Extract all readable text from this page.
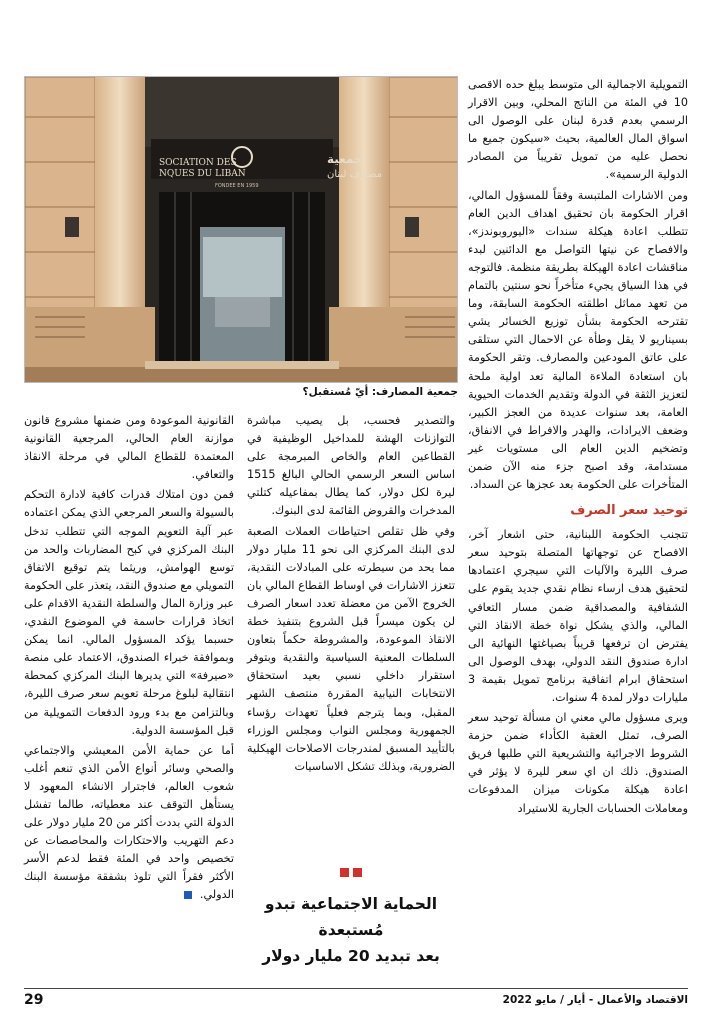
التمويلية الاجمالية الى متوسط يبلغ حده الاقصى 10 في المئة من الناتج المحلي، وبين الاقرار الرسمي بعدم قدرة لبنان على الوصول الى اسواق المال العالمية، بحيث «سيكون جميع ما نحصل عليه من تمويل تقريباً من المصادر الدولية الرسمية».

ومن الاشارات الملتبسة وفقاً للمسؤول المالي، اقرار الحكومة بان تحقيق اهداف الدين العام تتطلب اعادة هيكلة سندات «اليوروبوندز»، والافصاح عن نيتها التواصل مع الدائنين لبدء مناقشات اعادة الهيكلة بطريقة منظمة. فالتوجه في هذا السياق يجيء متأخراً نحو سنتين بالتمام من تعهد مماثل اطلقته الحكومة السابقة، وما تقترحه الحكومة بشأن توزيع الخسائر يشي بسيناريو لا يقل وطأة عن الاحمال التي ستلقى على عاتق المودعين والمصارف. وتقر الحكومة بان استعادة الملاءة المالية تعد اولية ملحة لتعزيز الثقة في الدولة وتقديم الخدمات الحيوية العامة، بعد سنوات عديدة من العجز الكبير، وضعف الايرادات، والهدر والافراط في الانفاق، وتضخيم الدين العام الى مستويات غير مستدامة، وقد اصبح جزء منه الآن ضمن المتأخرات على الحكومة بعد عجزها عن السداد.

توحيد سعر الصرف

تتجنب الحكومة اللبنانية، حتى اشعار آخر، الافصاح عن توجهاتها المتصلة بتوحيد سعر صرف الليرة والآليات التي سيجري اعتمادها لتحقيق هدف ارساء نظام نقدي جديد يقوم على الشفافية والمصداقية ضمن مسار التعافي المالي، والذي يشكل نواة خطة الانقاذ التي يفترض ان ترفعها قريباً بصياغتها النهائية الى ادارة صندوق النقد الدولي، بهدف الوصول الى استحقاق ابرام اتفاقية برنامج تمويل بقيمة 3 مليارات دولار لمدة 4 سنوات.

ويرى مسؤول مالي معني ان مسألة توحيد سعر الصرف، تمثل العقبة الكأداء ضمن حزمة الشروط الاجرائية والتشريعية التي طلبها فريق الصندوق. ذلك ان اي سعر لليرة لا يؤثر في اعادة هيكلة مكونات ميزان المدفوعات ومعاملات الحسابات الجارية للاستيراد

SOCIATION DES
NQUES DU LIBAN
FONDEE EN 1959
جمعية
مصارف لبنان
جمعية المصارف: أيّ مُستقبل؟

والتصدير فحسب، بل يصيب مباشرة التوازنات الهشة للمداخيل الوظيفية في القطاعين العام والخاص المبرمجة على اساس السعر الرسمي الحالي البالغ 1515 ليرة لكل دولار، كما يطال بمفاعيله كتلتي المدخرات والقروض القائمة لدى البنوك.

وفي ظل تقلص احتياطات العملات الصعبة لدى البنك المركزي الى نحو 11 مليار دولار مما يحد من سيطرته على المبادلات النقدية، تتعزز الاشارات في اوساط القطاع المالي بان الخروج الآمن من معضلة تعدد اسعار الصرف لن يكون ميسراً قبل الشروع بتنفيذ خطة الانقاذ الموعودة، والمشروطة حكماً بتعاون السلطات المعنية السياسية والنقدية وبتوفر استقرار داخلي نسبي بعيد استحقاق الانتخابات النيابية المقررة منتصف الشهر المقبل، وبما يترجم فعلياً تعهدات رؤساء الجمهورية ومجلس النواب ومجلس الوزراء بالتأييد المسبق لمندرجات الاصلاحات الهيكلية الضرورية، وبذلك تشكل الاساسيات

الحماية الاجتماعية تبدو مُستبعدة
بعد تبديد 20 مليار دولار

القانونية الموعودة ومن ضمنها مشروع قانون موازنة العام الحالي، المرجعية القانونية المعتمدة للقطاع المالي في مرحلة الانقاذ والتعافي.

فمن دون امتلاك قدرات كافية لادارة التحكم بالسيولة والسعر المرجعي الذي يمكن اعتماده عبر آلية التعويم الموجه التي تتطلب تدخل البنك المركزي في كبح المضاربات والحد من توسع الهوامش، وريثما يتم توقيع الاتفاق التمويلي مع صندوق النقد، يتعذر على الحكومة عبر وزارة المال والسلطة النقدية الاقدام على اتخاذ قرارات حاسمة في الموضوع النقدي، حسبما يؤكد المسؤول المالي. انما يمكن وبموافقة خبراء الصندوق، الاعتماد على منصة «صيرفة» التي يديرها البنك المركزي كمحطة انتقالية لبلوغ مرحلة تعويم سعر صرف الليرة، وبالتزامن مع بدء ورود الدفعات التمويلية من قبل المؤسسة الدولية.

أما عن حماية الأمن المعيشي والاجتماعي والصحي وسائر أنواع الأمن الذي تنعم أغلب شعوب العالم، فاجترار الانشاء المعهود لا يستأهل التوقف عند معطياته، طالما تفشل الدولة التي بددت أكثر من 20 مليار دولار على دعم التهريب والاحتكارات والمحاصصات عن تخصيص واحد في المئة فقط لدعم الأسر الأكثر فقراً التي تلوذ بشفقة مؤسسة البنك الدولي.

الاقتصاد والأعمال - أيار / مايو 2022
29
